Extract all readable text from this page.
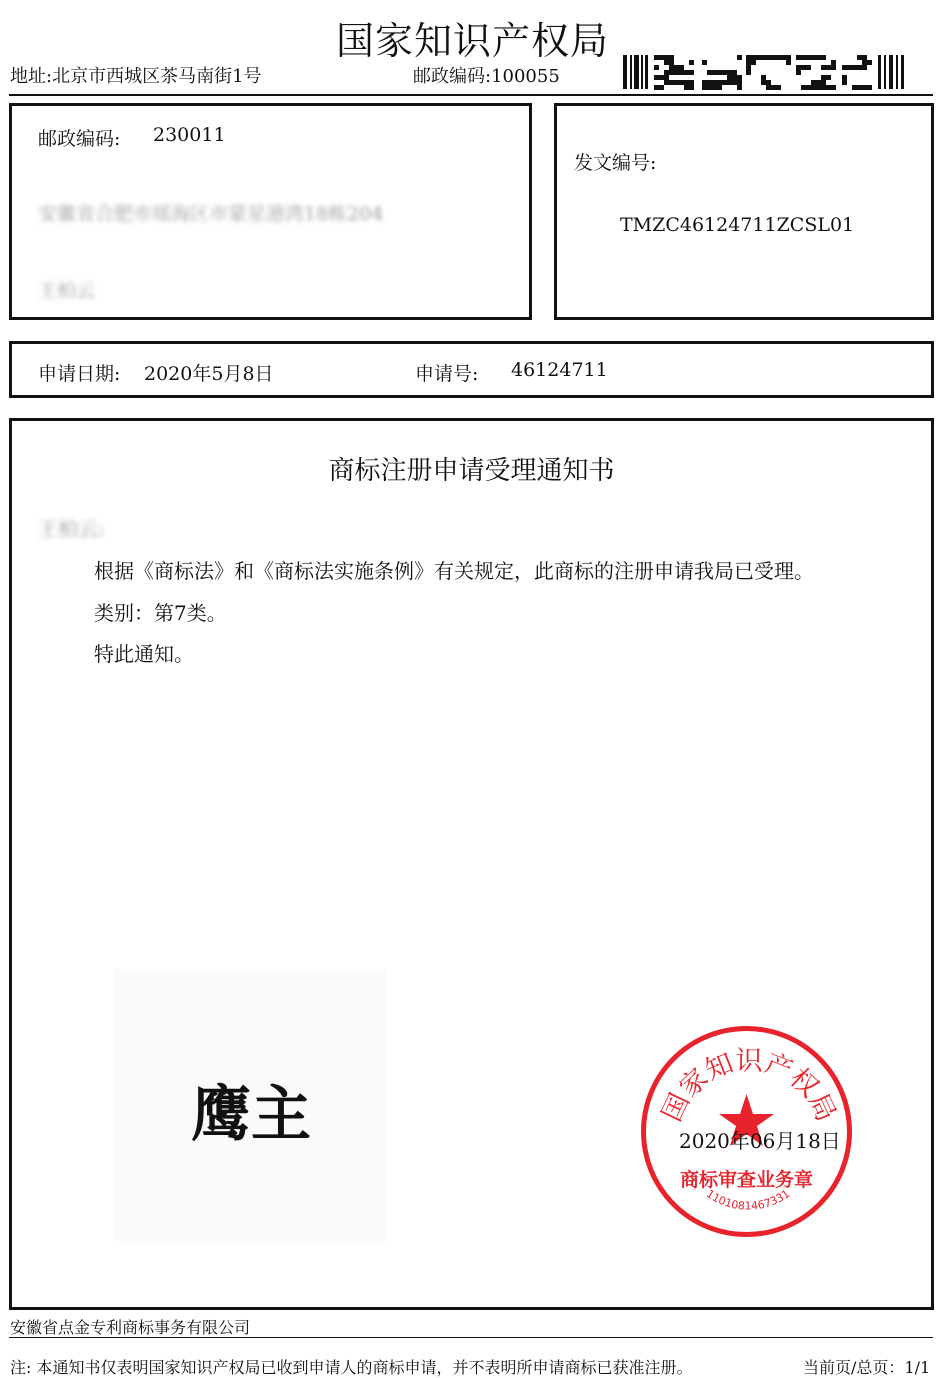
国家知识产权局
地址:北京市西城区茶马南街1号	邮政编码:100055
邮政编码: 230011
安徽省合肥市瑶海区市蒙星港湾18栋204
王柏云
发文编号:
TMZC46124711ZCSL01
申请日期: 2020年5月8日	申请号: 46124711
商标注册申请受理通知书
王柏云:
根据《商标法》和《商标法实施条例》有关规定，此商标的注册申请我局已受理。
类别：第7类。
特此通知。
鹰主	国家知识产权局
商标审查业务章
1101081467331
2020年06月18日
安徽省点金专利商标事务有限公司
注: 本通知书仅表明国家知识产权局已收到申请人的商标申请，并不表明所申请商标已获准注册。	当前页/总页：1/1
